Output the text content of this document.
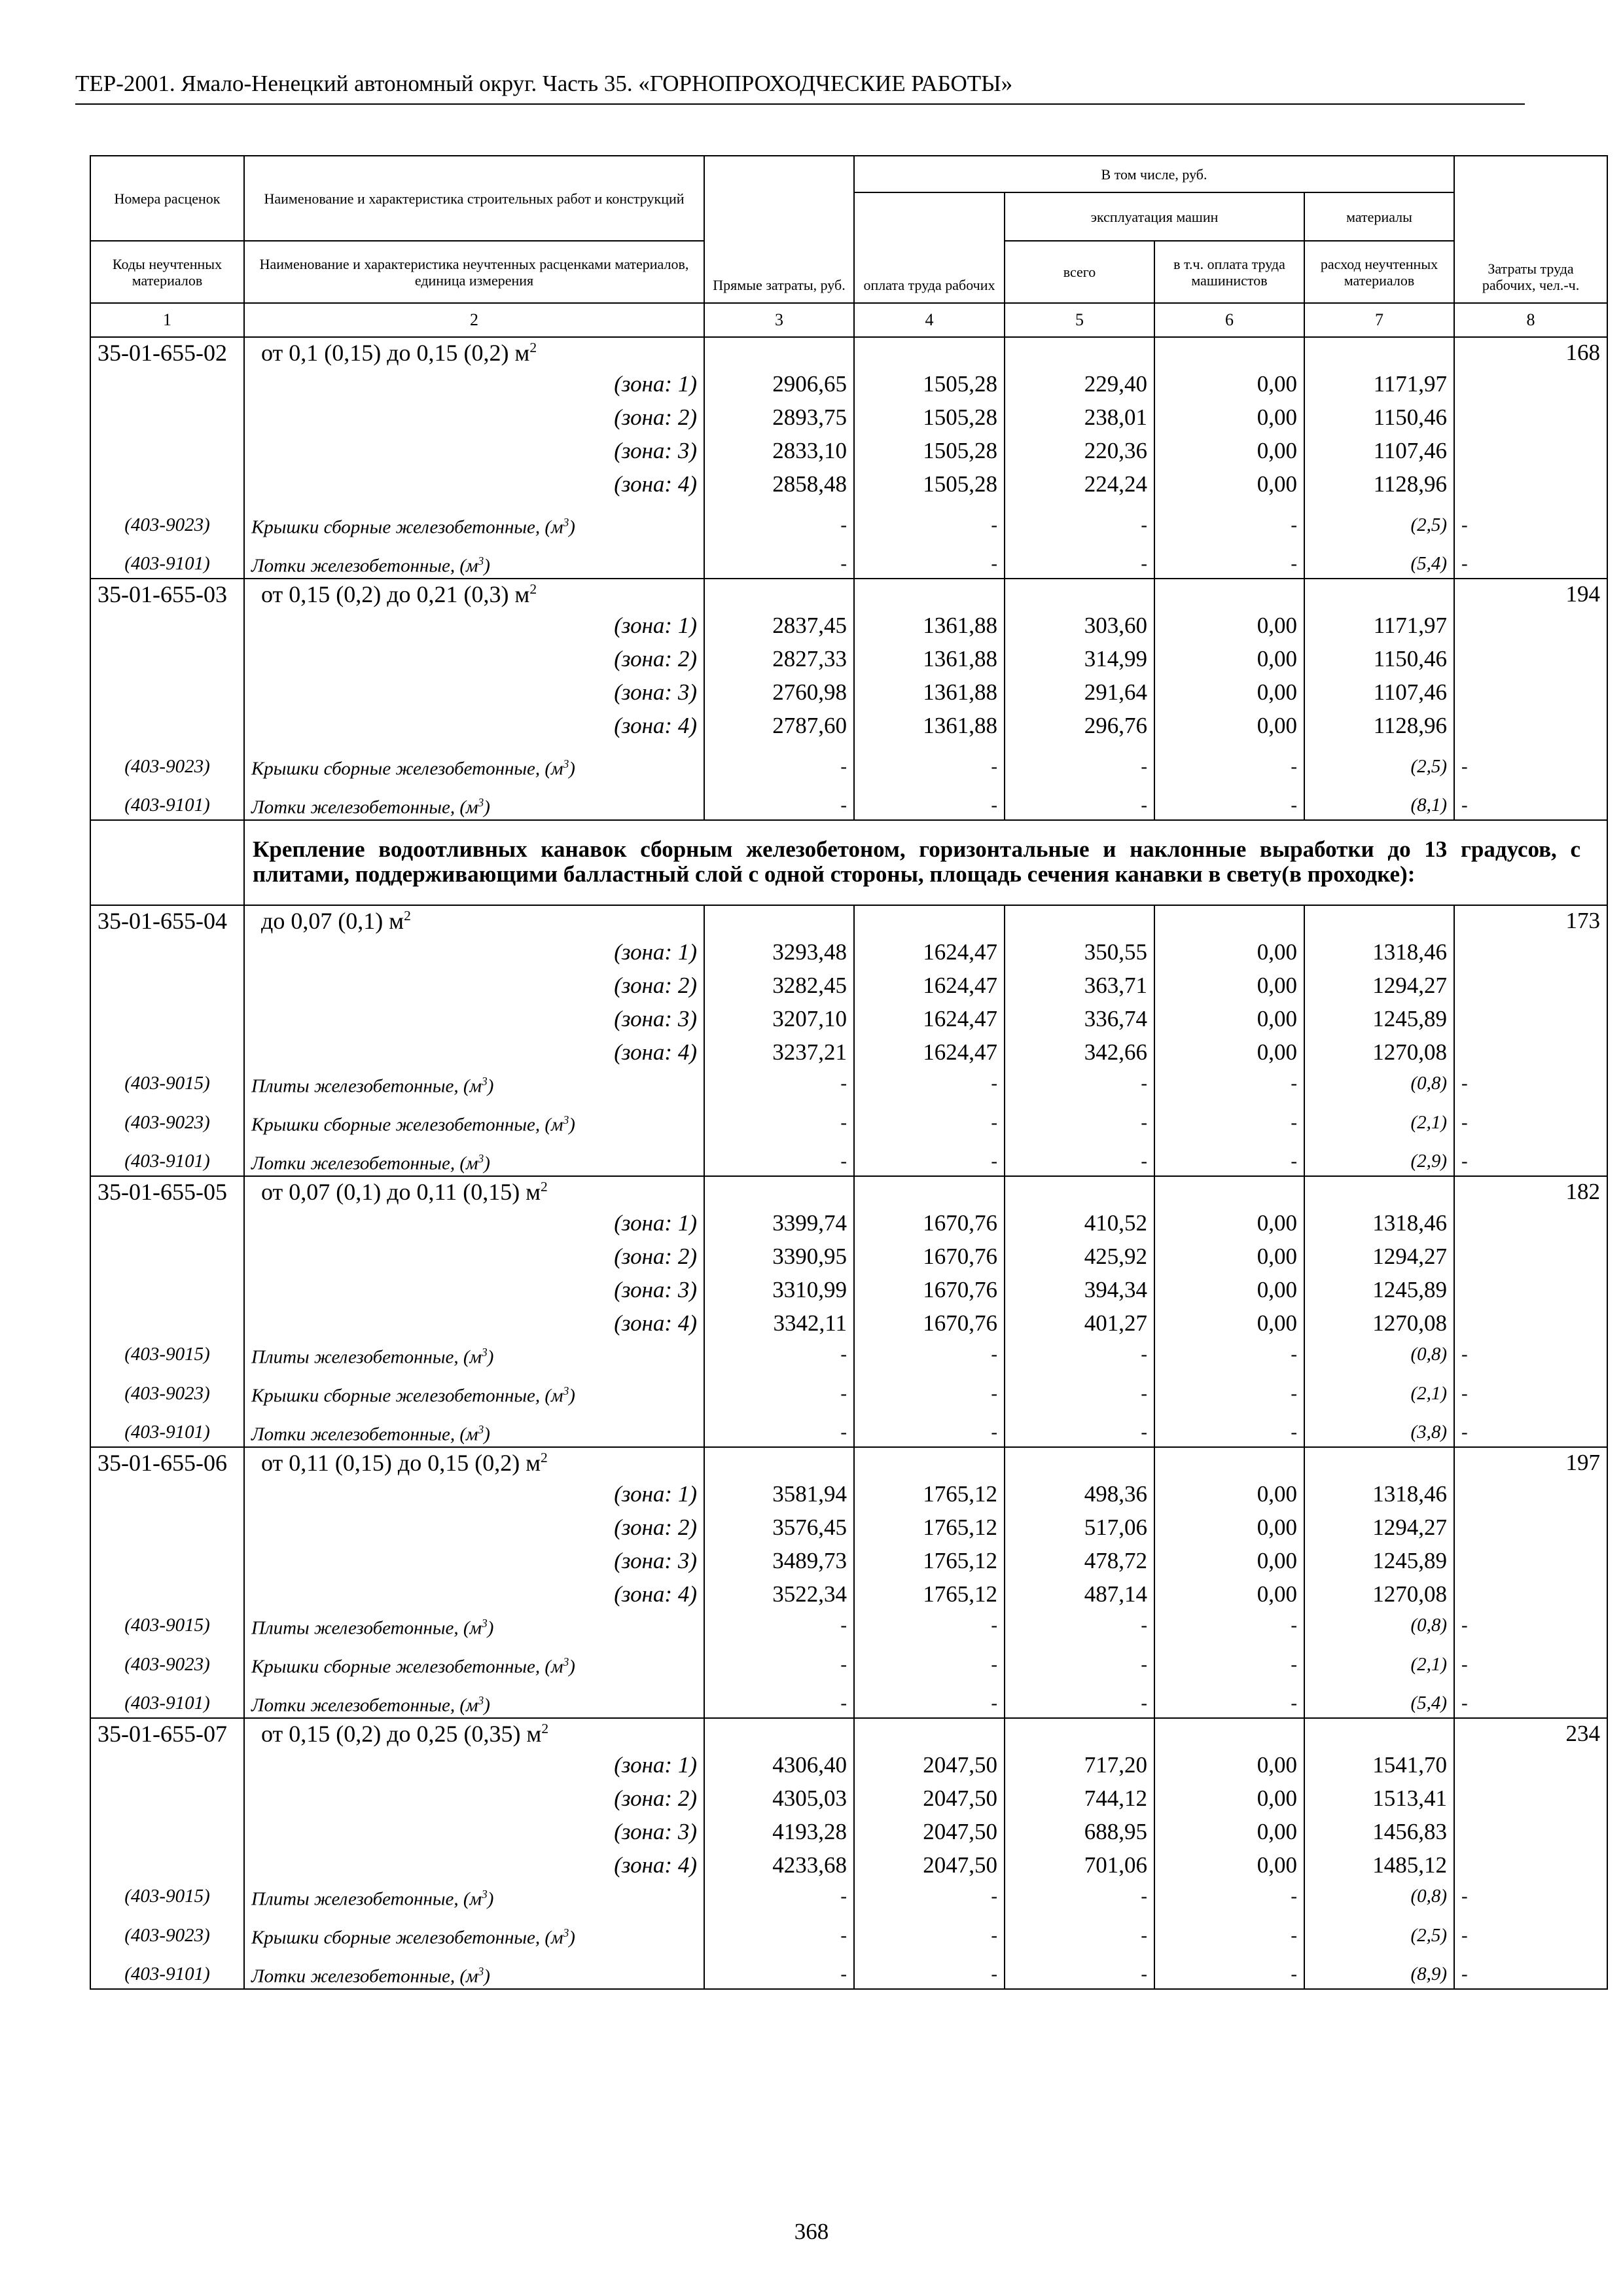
ТЕР-2001. Ямало-Ненецкий автономный округ. Часть 35. «ГОРНОПРОХОДЧЕСКИЕ РАБОТЫ»
Номера расценок	Наименование и характеристика строительных работ и конструкций	Прямые затраты, руб.	В том числе, руб.				Затраты труда рабочих, чел.-ч.
			оплата труда рабочих	эксплуатация машин		материалы	
Коды неучтенных материалов	Наименование и характеристика неучтенных расценками материалов, единица измерения			всего	в т.ч. оплата труда машинистов	расход неучтенных материалов	

1	2	3	4	5	6	7	8
35-01-655-02	от 0,1 (0,15) до 0,15 (0,2) $м^2$						168
	(зона: 1)	2906,65	1505,28	229,40	0,00	1171,97	
	(зона: 2)	2893,75	1505,28	238,01	0,00	1150,46	
	(зона: 3)	2833,10	1505,28	220,36	0,00	1107,46	
	(зона: 4)	2858,48	1505,28	224,24	0,00	1128,96	
(403-9023)	Крышки сборные железобетонные, $(м^3)$	-	-	-	-	(2,5)	-
(403-9101)	Лотки железобетонные, $(м^3)$	-	-	-	-	(5,4)	-
35-01-655-03	от 0,15 (0,2) до 0,21 (0,3) $м^2$						194
	(зона: 1)	2837,45	1361,88	303,60	0,00	1171,97	
	(зона: 2)	2827,33	1361,88	314,99	0,00	1150,46	
	(зона: 3)	2760,98	1361,88	291,64	0,00	1107,46	
	(зона: 4)	2787,60	1361,88	296,76	0,00	1128,96	
(403-9023)	Крышки сборные железобетонные, $(м^3)$	-	-	-	-	(2,5)	-
(403-9101)	Лотки железобетонные, $(м^3)$	-	-	-	-	(8,1)	-
	Крепление водоотливных канавок сборным железобетоном, горизонтальные и наклонные выработки до 13 градусов, с плитами, поддерживающими балластный слой с одной стороны, площадь сечения канавки в свету(в проходке):						
35-01-655-04	до 0,07 (0,1) $м^2$						173
	(зона: 1)	3293,48	1624,47	350,55	0,00	1318,46	
	(зона: 2)	3282,45	1624,47	363,71	0,00	1294,27	
	(зона: 3)	3207,10	1624,47	336,74	0,00	1245,89	
	(зона: 4)	3237,21	1624,47	342,66	0,00	1270,08	
(403-9015)	Плиты железобетонные, $(м^3)$	-	-	-	-	(0,8)	-
(403-9023)	Крышки сборные железобетонные, $(м^3)$	-	-	-	-	(2,1)	-
(403-9101)	Лотки железобетонные, $(м^3)$	-	-	-	-	(2,9)	-
35-01-655-05	от 0,07 (0,1) до 0,11 (0,15) $м^2$						182
	(зона: 1)	3399,74	1670,76	410,52	0,00	1318,46	
	(зона: 2)	3390,95	1670,76	425,92	0,00	1294,27	
	(зона: 3)	3310,99	1670,76	394,34	0,00	1245,89	
	(зона: 4)	3342,11	1670,76	401,27	0,00	1270,08	
(403-9015)	Плиты железобетонные, $(м^3)$	-	-	-	-	(0,8)	-
(403-9023)	Крышки сборные железобетонные, $(м^3)$	-	-	-	-	(2,1)	-
(403-9101)	Лотки железобетонные, $(м^3)$	-	-	-	-	(3,8)	-
35-01-655-06	от 0,11 (0,15) до 0,15 (0,2) $м^2$						197
	(зона: 1)	3581,94	1765,12	498,36	0,00	1318,46	
	(зона: 2)	3576,45	1765,12	517,06	0,00	1294,27	
	(зона: 3)	3489,73	1765,12	478,72	0,00	1245,89	
	(зона: 4)	3522,34	1765,12	487,14	0,00	1270,08	
(403-9015)	Плиты железобетонные, $(м^3)$	-	-	-	-	(0,8)	-
(403-9023)	Крышки сборные железобетонные, $(м^3)$	-	-	-	-	(2,1)	-
(403-9101)	Лотки железобетонные, $(м^3)$	-	-	-	-	(5,4)	-
35-01-655-07	от 0,15 (0,2) до 0,25 (0,35) $м^2$						234
	(зона: 1)	4306,40	2047,50	717,20	0,00	1541,70	
	(зона: 2)	4305,03	2047,50	744,12	0,00	1513,41	
	(зона: 3)	4193,28	2047,50	688,95	0,00	1456,83	
	(зона: 4)	4233,68	2047,50	701,06	0,00	1485,12	
(403-9015)	Плиты железобетонные, $(м^3)$	-	-	-	-	(0,8)	-
(403-9023)	Крышки сборные железобетонные, $(м^3)$	-	-	-	-	(2,5)	-
(403-9101)	Лотки железобетонные, $(м^3)$	-	-	-	-	(8,9)	-
368
